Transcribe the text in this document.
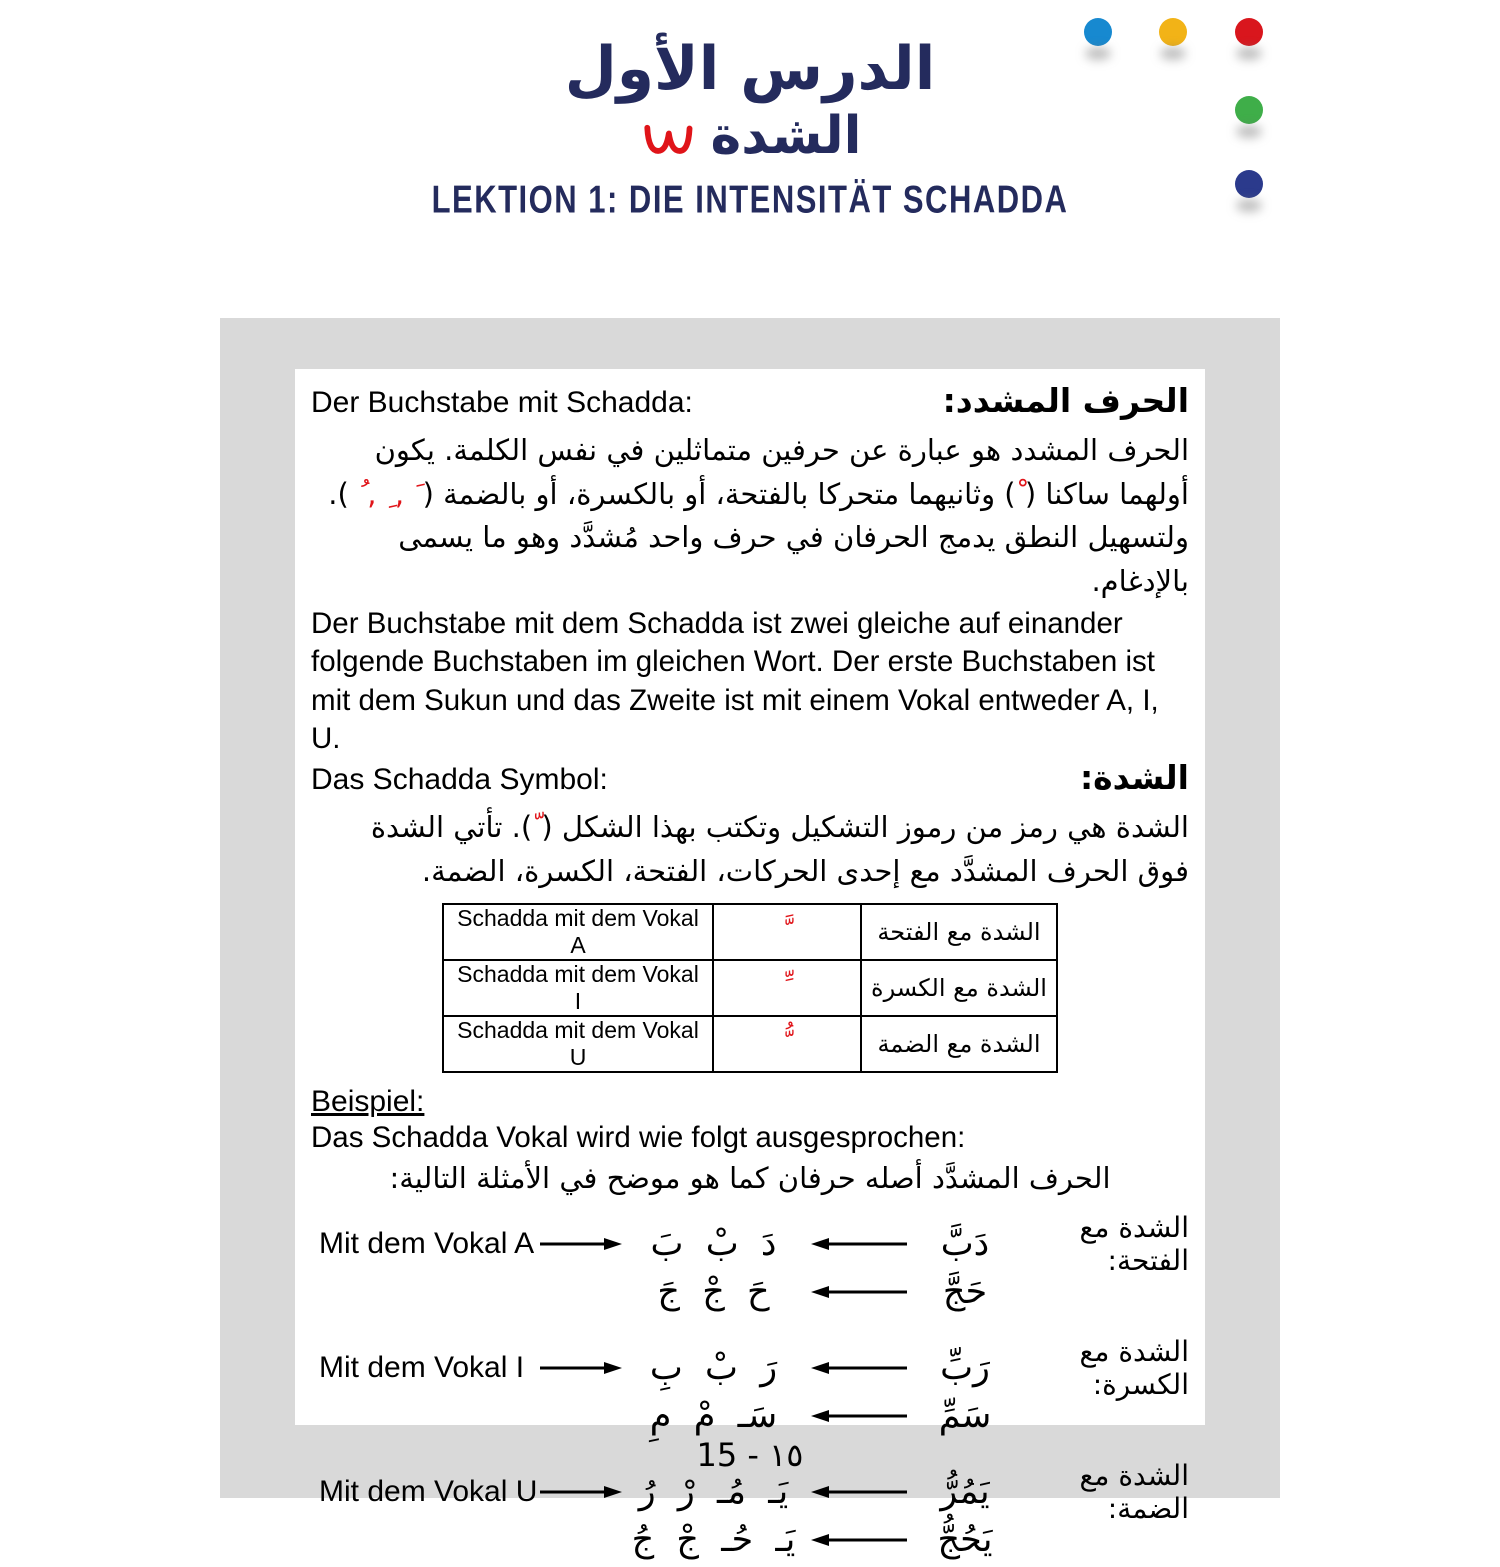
الدرس الأول
الشدة
LEKTION 1: DIE INTENSITÄT SCHADDA
Der Buchstabe mit Schadda:	الحرف المشدد:

الحرف المشدد هو عبارة عن حرفين متماثلين في نفس الكلمة. يكون أولهما ساكنا ( ْ) وثانيهما متحركا بالفتحة، أو بالكسرة، أو بالضمة ( َ , ِ , ُ ). ولتسهيل النطق يدمج الحرفان في حرف واحد مُشدَّد وهو ما يسمى بالإدغام.

Der Buchstabe mit dem Schadda ist zwei gleiche auf einander folgende Buchstaben im gleichen Wort. Der erste Buchstaben ist mit dem Sukun und das Zweite ist mit einem Vokal entweder A, I, U.

Das Schadda Symbol:	الشدة:

الشدة هي رمز من رموز التشكيل وتكتب بهذا الشكل ( ّ). تأتي الشدة فوق الحرف المشدَّد مع إحدى الحركات، الفتحة، الكسرة، الضمة.

Schadda mit dem Vokal A	َّ	الشدة مع الفتحة
Schadda mit dem Vokal I	ِّ	الشدة مع الكسرة
Schadda mit dem Vokal U	ُّ	الشدة مع الضمة
Beispiel:
Das Schadda Vokal wird wie folgt ausgesprochen:
الحرف المشدَّد أصله حرفان كما هو موضح في الأمثلة التالية:
Mit dem Vokal A	د  ب  ب	دب	الشدة مع الفتحة:
ح  ج  ج	حج
Mit dem Vokal I	ر  ب  ب	رب	الشدة مع الكسرة:
سـ  م  م	سم
Mit dem Vokal U	يـ  مـ  ر  ر	يمر	الشدة مع الضمة:
يـ  حـ  ج  ج	يحج
15 - ١٥
